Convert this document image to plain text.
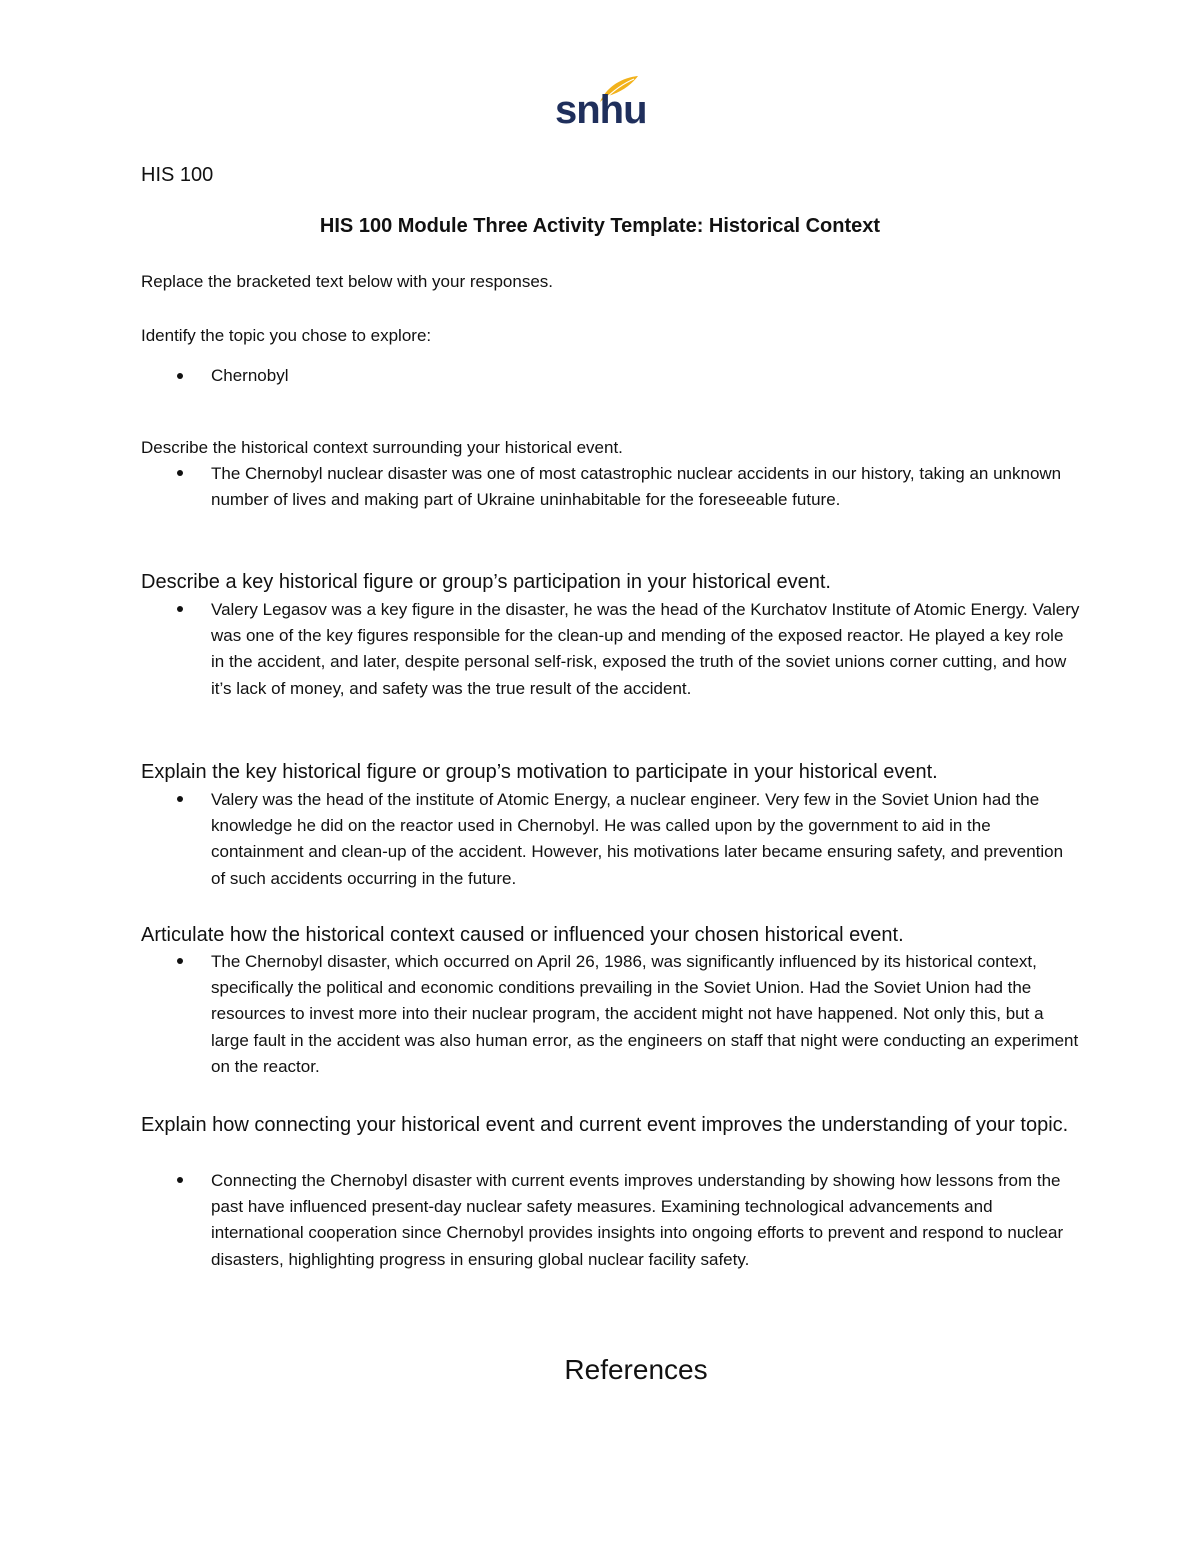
snhu
HIS 100
HIS 100 Module Three Activity Template: Historical Context
Replace the bracketed text below with your responses.
Identify the topic you chose to explore:
Chernobyl
Describe the historical context surrounding your historical event.
The Chernobyl nuclear disaster was one of most catastrophic nuclear accidents in our history, taking an unknown number of lives and making part of Ukraine uninhabitable for the foreseeable future.
Describe a key historical figure or group’s participation in your historical event.
Valery Legasov was a key figure in the disaster, he was the head of the Kurchatov Institute of Atomic Energy. Valery was one of the key figures responsible for the clean-up and mending of the exposed reactor. He played a key role in the accident, and later, despite personal self-risk, exposed the truth of the soviet unions corner cutting, and how it’s lack of money, and safety was the true result of the accident.
Explain the key historical figure or group’s motivation to participate in your historical event.
Valery was the head of the institute of Atomic Energy, a nuclear engineer. Very few in the Soviet Union had the knowledge he did on the reactor used in Chernobyl. He was called upon by the government to aid in the containment and clean-up of the accident. However, his motivations later became ensuring safety, and prevention of such accidents occurring in the future.
Articulate how the historical context caused or influenced your chosen historical event.
The Chernobyl disaster, which occurred on April 26, 1986, was significantly influenced by its historical context, specifically the political and economic conditions prevailing in the Soviet Union. Had the Soviet Union had the resources to invest more into their nuclear program, the accident might not have happened. Not only this, but a large fault in the accident was also human error, as the engineers on staff that night were conducting an experiment on the reactor.
Explain how connecting your historical event and current event improves the understanding of your topic.
Connecting the Chernobyl disaster with current events improves understanding by showing how lessons from the past have influenced present-day nuclear safety measures. Examining technological advancements and international cooperation since Chernobyl provides insights into ongoing efforts to prevent and respond to nuclear disasters, highlighting progress in ensuring global nuclear facility safety.
References
